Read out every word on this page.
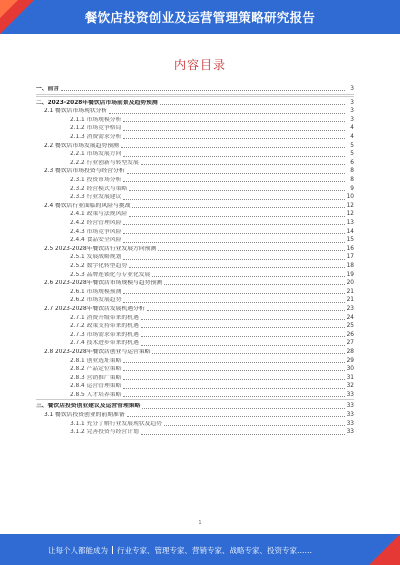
餐饮店投资创业及运营管理策略研究报告
内容目录
一、前言	3
二、2023-2028年餐饮店市场前景及趋势预测	3
2.1 餐饮店市场现状分析	3
2.1.1 市场规模分析	3
2.1.2 市场竞争格局	4
2.1.3 消费需求分析	4
2.2 餐饮店市场发展趋势预测	5
2.2.1 市场发展方向	5
2.2.2 行业创新与转型发展	6
2.3 餐饮店市场投资与经营分析	8
2.3.1 投资市场分析	8
2.3.2 经营模式与策略	9
2.3.3 行业发展建议	10
2.4 餐饮店行业面临的风险与挑战	12
2.4.1 政策与法规风险	12
2.4.2 经营管理风险	13
2.4.3 市场竞争风险	14
2.4.4 食品安全风险	15
2.5 2023-2028年餐饮店行业发展方向预测	16
2.5.1 发展战略规划	17
2.5.2 数字化转型趋势	18
2.5.3 品牌连锁化与专业化发展	19
2.6 2023-2028年餐饮店市场规模与趋势预测	20
2.6.1 市场规模预测	21
2.6.2 市场发展趋势	21
2.7 2023-2028年餐饮店发展机遇分析	23
2.7.1 消费升级带来的机遇	24
2.7.2 政策支持带来的机遇	25
2.7.3 市场需求带来的机遇	26
2.7.4 技术进步带来的机遇	27
2.8 2023-2028年餐饮店创业与运营策略	28
2.8.1 创业选址策略	29
2.8.2 产品定位策略	30
2.8.3 营销推广策略	31
2.8.4 运营管理策略	32
2.8.5 人才培养策略	33
三、餐饮店投资创业建议及运营管理策略	33
3.1 餐饮店投资创业的前期准备	33
3.1.1 充分了解行业发展现状及趋势	33
3.1.2 完善投资与经营计划	33
1
让每个人都能成为 行业专家、管理专家、营销专家、战略专家、投资专家……
